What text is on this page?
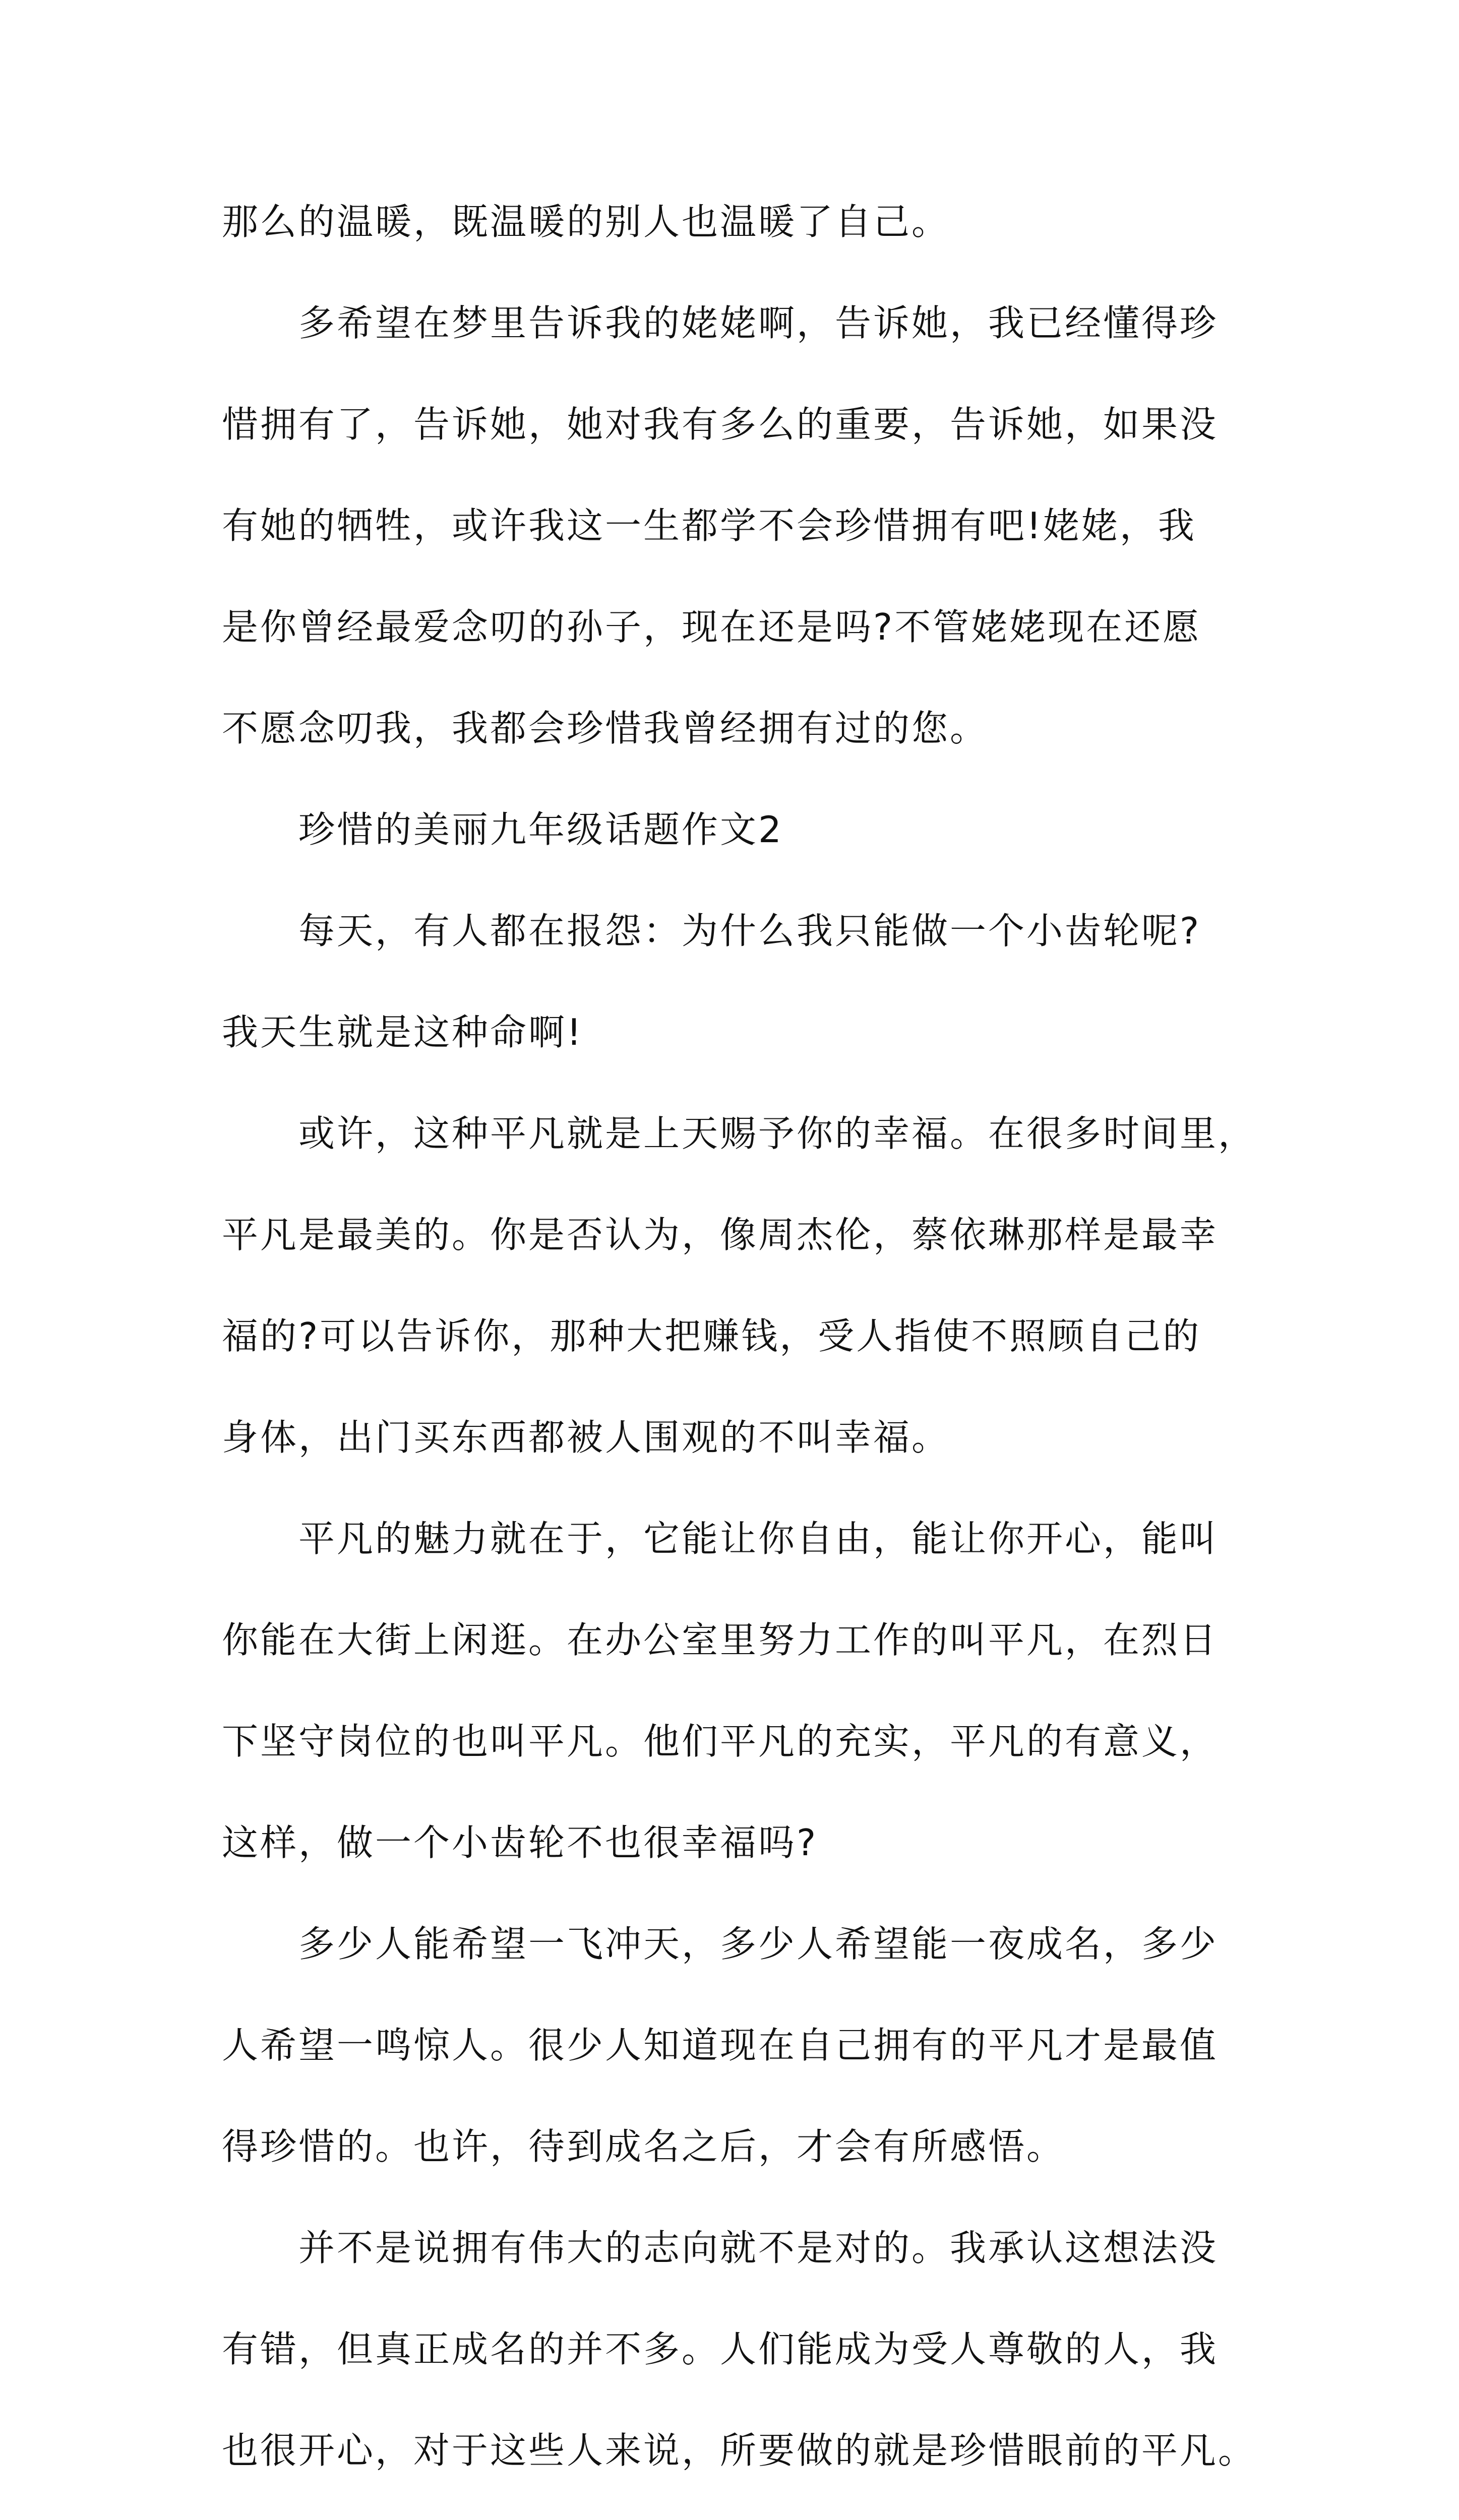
那么的温暖，既温暖的别人也温暖了自己。
多希望在梦里告诉我的姥姥啊，告诉她，我已经懂得珍
惜拥有了，告诉她，她对我有多么的重要，告诉她，如果没
有她的牺牲，或许我这一生都学不会珍惜拥有吧!姥姥，我
是你曾经最爱念叨的孙子，现在还是吗?不管姥姥现在还愿
不愿念叨我，我都会珍惜我曾经拥有过的您。
珍惜的美丽九年级话题作文2
每天，有人都在报怨：为什么我只能做一个小齿轮呢?
我天生就是这种命啊!
或许，这种平凡就是上天赐予你的幸福。在很多时间里，
平凡是最美的。你是否认为，像周杰伦，蔡依琳那样是最幸
福的?可以告诉你，那种大把赚钱，受人指使不照顾自己的
身体，出门买东西都被人围观的不叫幸福。
平凡的魅力就在于，它能让你自由，能让你开心，能叫
你能在大街上闲逛。在办公室里努力工作的叫平凡，在烈日
下坚守岗位的也叫平凡。他们平凡的充实，平凡的有意义，
这样，做一个小齿轮不也很幸福吗?
多少人能希望一飞冲天，多少人希望能一夜成名，多少
人希望一鸣惊人。很少人知道现在自己拥有的平凡才是最值
得珍惜的。也许，待到成名之后，才会有所感悟。
并不是说拥有伟大的志向就不是对的。我承认这想法没
有错，但真正成名的并不多。人们能成为受人尊敬的人，我
也很开心，对于这些人来说，所要做的就是珍惜眼前的平凡。
